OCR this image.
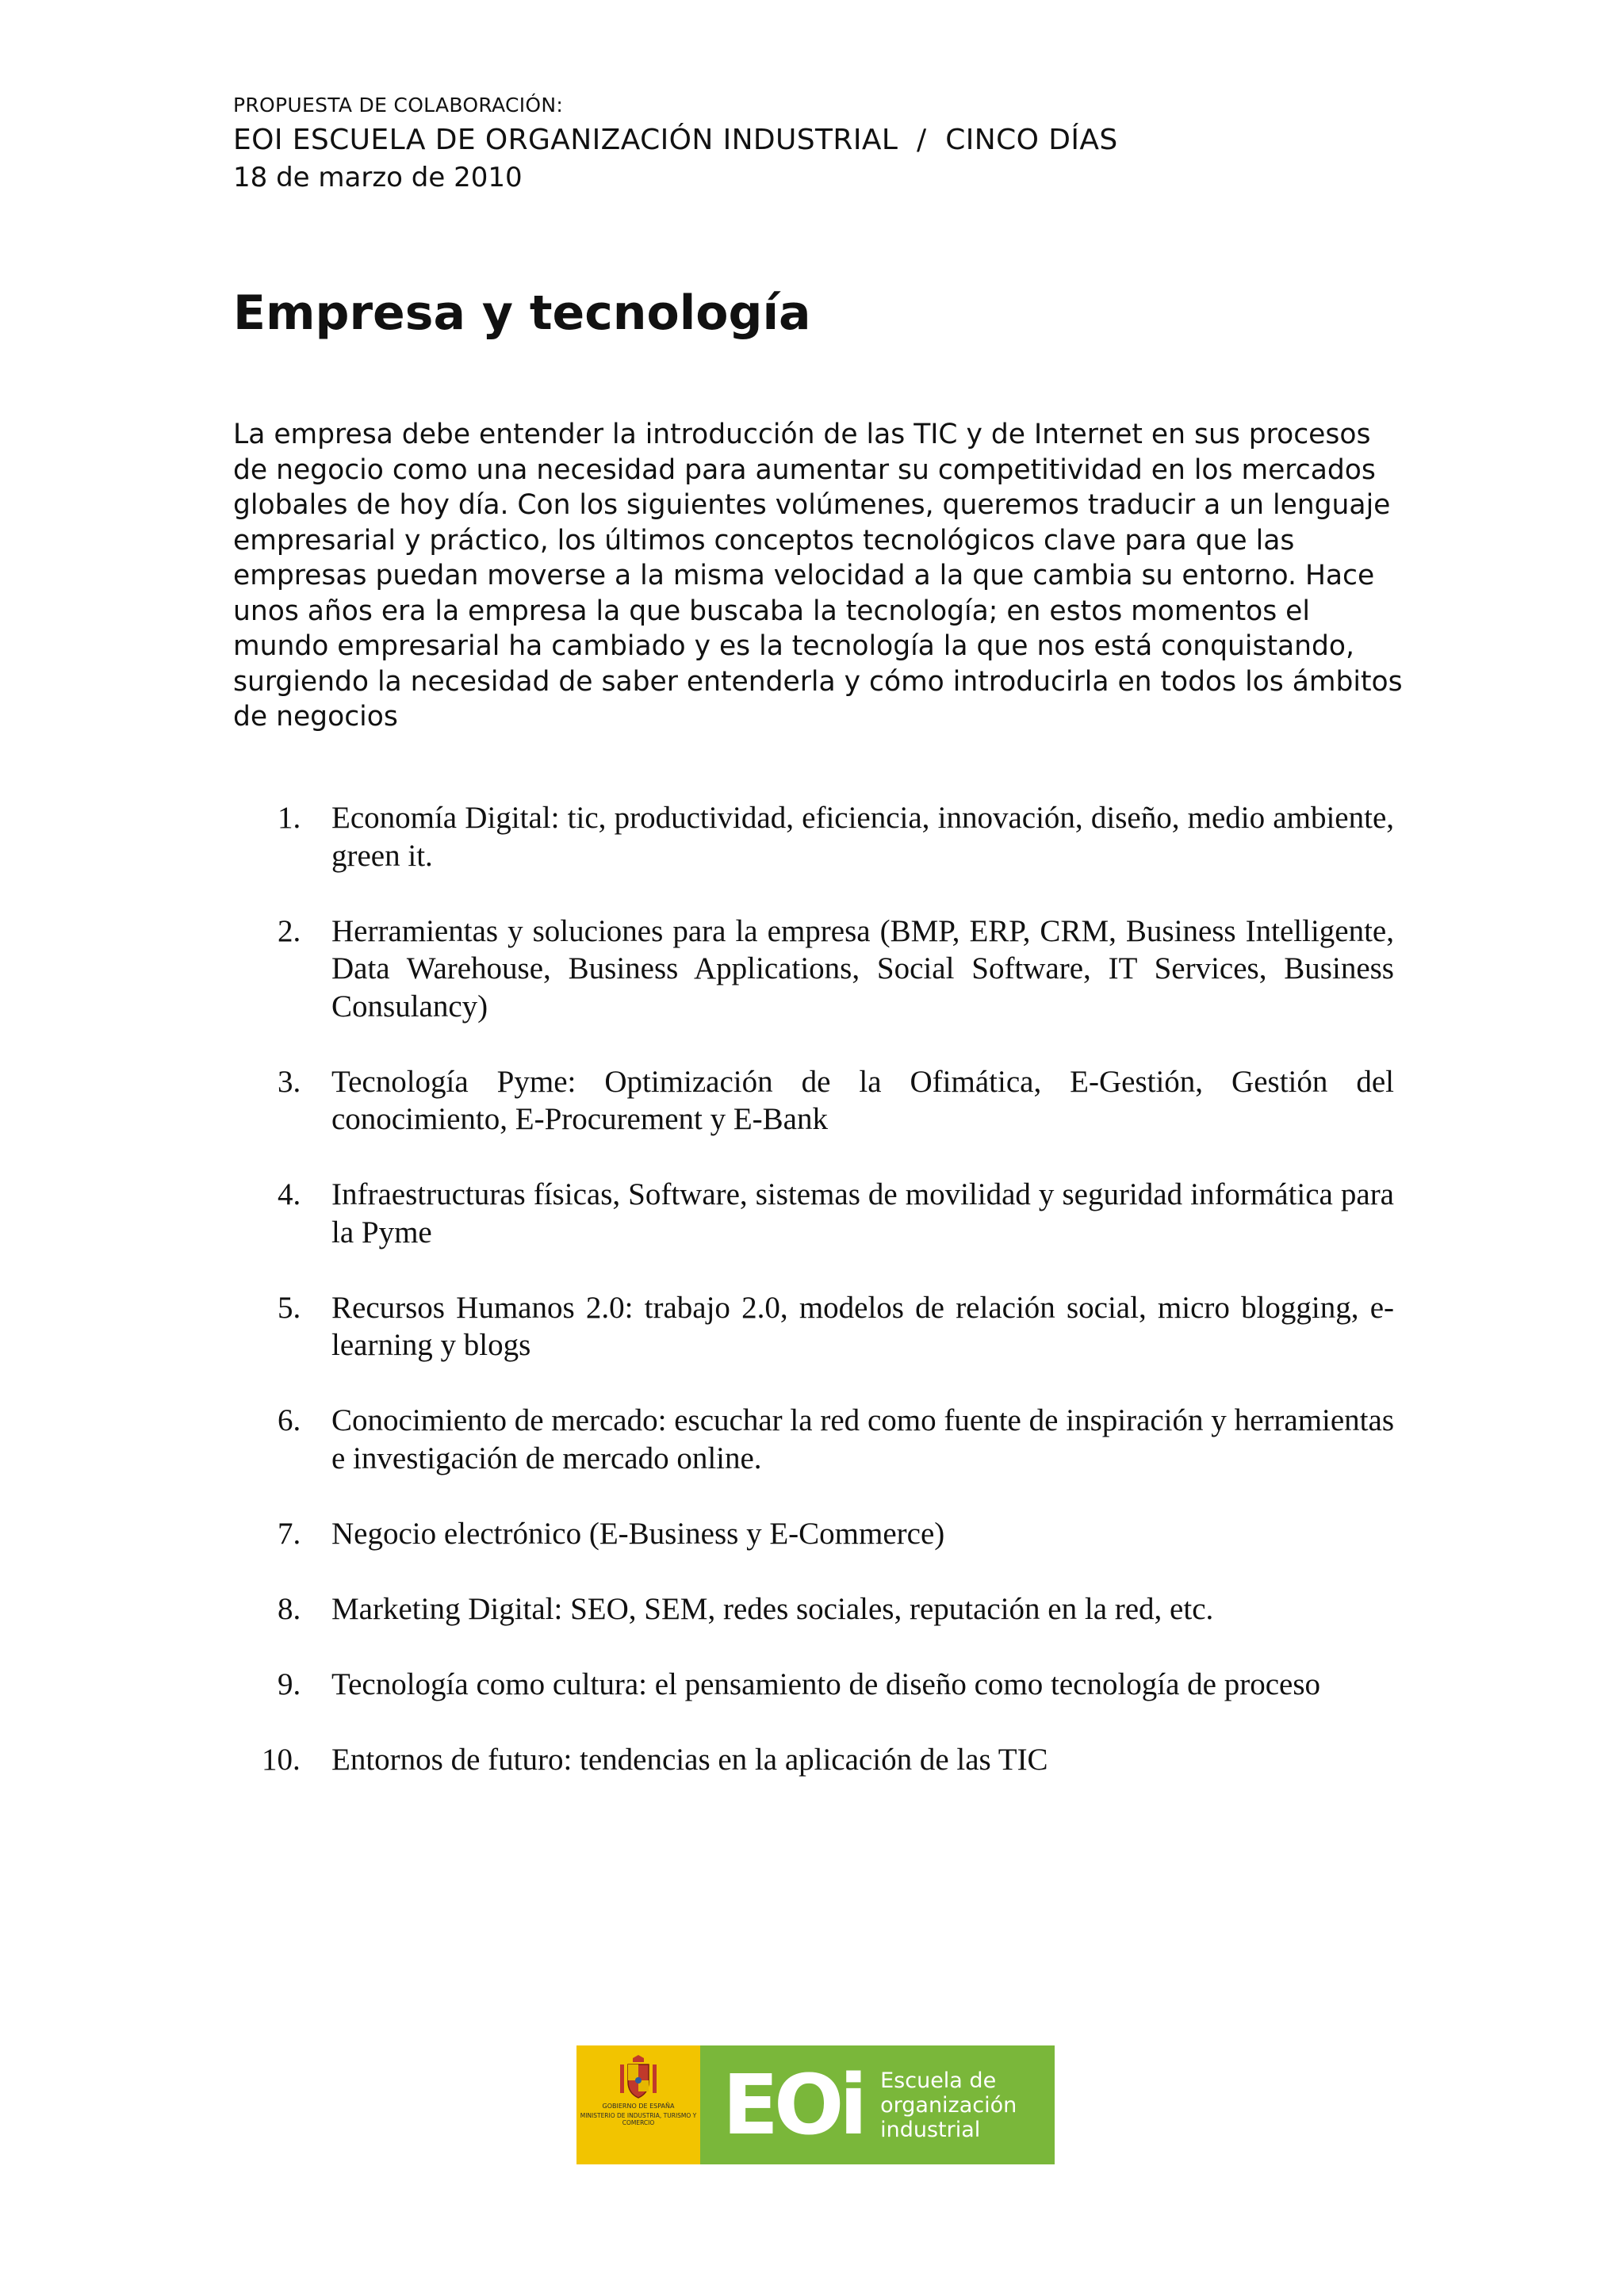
PROPUESTA DE COLABORACIÓN:
EOI ESCUELA DE ORGANIZACIÓN INDUSTRIAL  /  CINCO DÍAS
18 de marzo de 2010
Empresa y tecnología

La empresa debe entender la introducción de las TIC y de Internet en sus procesos de negocio como una necesidad para aumentar su competitividad en los mercados globales de hoy día. Con los siguientes volúmenes, queremos traducir a un lenguaje empresarial y práctico, los últimos conceptos tecnológicos clave para que las empresas puedan moverse a la misma velocidad a la que cambia su entorno. Hace unos años era la empresa la que buscaba la tecnología; en estos momentos el mundo empresarial ha cambiado y es la tecnología la que nos está conquistando, surgiendo la necesidad de saber entenderla y cómo introducirla en todos los ámbitos de negocios

1. Economía Digital: tic, productividad, eficiencia, innovación, diseño, medio ambiente, green it.
2. Herramientas y soluciones para la empresa (BMP, ERP, CRM, Business Intelligente, Data Warehouse, Business Applications, Social Software, IT Services, Business Consulancy)
3. Tecnología Pyme: Optimización de la Ofimática, E-Gestión, Gestión del conocimiento, E-Procurement y E-Bank
4. Infraestructuras físicas, Software, sistemas de movilidad y seguridad informática para la Pyme
5. Recursos Humanos 2.0: trabajo 2.0, modelos de relación social, micro blogging, e-learning y blogs
6. Conocimiento de mercado: escuchar la red como fuente de inspiración y herramientas e investigación de mercado online.
7. Negocio electrónico (E-Business y E-Commerce)
8. Marketing Digital: SEO, SEM, redes sociales, reputación en la red, etc.
9. Tecnología como cultura: el pensamiento de diseño como tecnología de proceso
10. Entornos de futuro: tendencias en la aplicación de las TIC
GOBIERNO DE ESPAÑA
MINISTERIO DE INDUSTRIA, TURISMO Y COMERCIO EOi Escuela de
organización
industrial
